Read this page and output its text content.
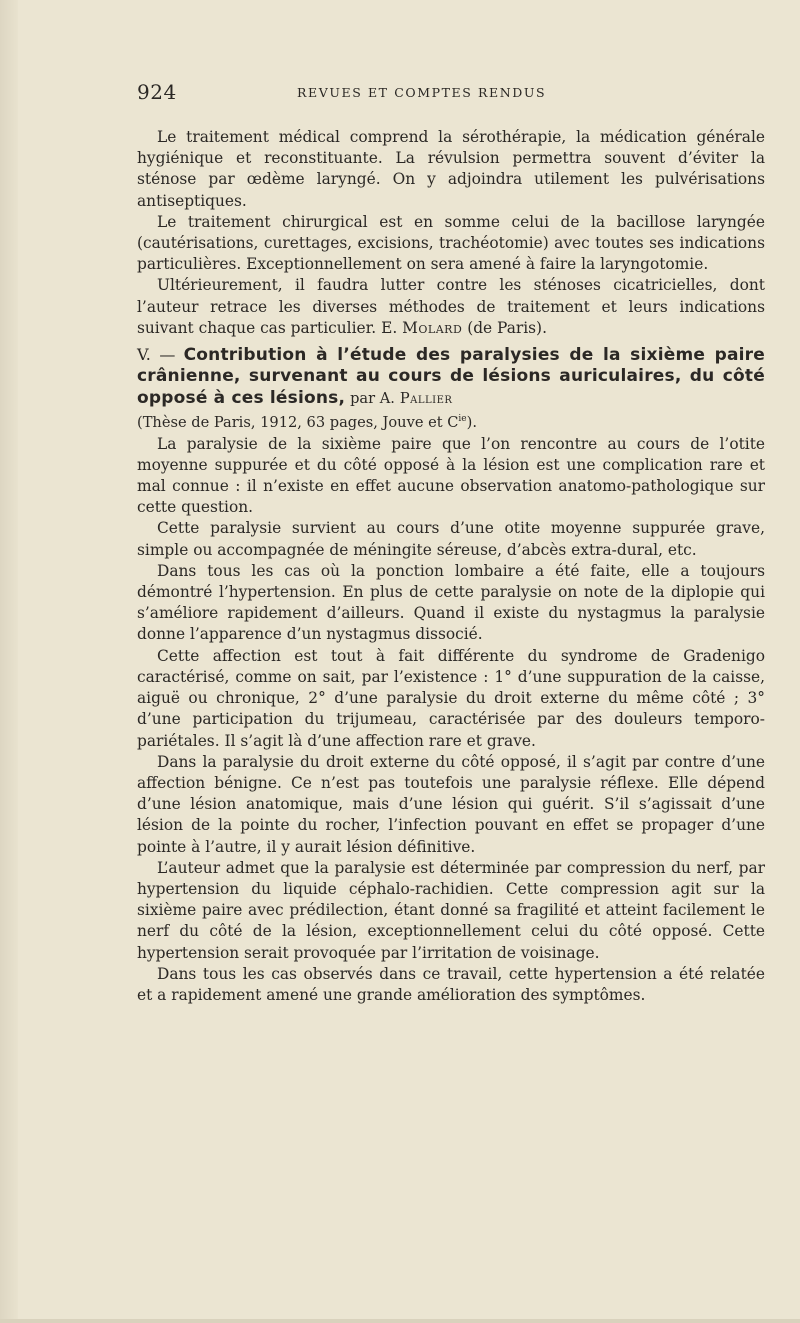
924	REVUES ET COMPTES RENDUS

Le traitement médical comprend la sérothérapie, la médication générale hygiénique et reconstituante. La révulsion permettra souvent d’éviter la sténose par œdème laryngé. On y adjoindra utilement les pulvérisations antiseptiques.

Le traitement chirurgical est en somme celui de la bacillose laryngée (cautérisations, curettages, excisions, trachéotomie) avec toutes ses indications particulières. Exceptionnellement on sera amené à faire la laryngotomie.

Ultérieurement, il faudra lutter contre les sténoses cicatricielles, dont l’auteur retrace les diverses méthodes de traitement et leurs indications suivant chaque cas particulier. E. Molard (de Paris).

V. — Contribution à l’étude des paralysies de la sixième paire crânienne, survenant au cours de lésions auriculaires, du côté opposé à ces lésions, par A. Pallier
(Thèse de Paris, 1912, 63 pages, Jouve et $C^{ie}$).

La paralysie de la sixième paire que l’on rencontre au cours de l’otite moyenne suppurée et du côté opposé à la lésion est une complication rare et mal connue : il n’existe en effet aucune observation anatomo-pathologique sur cette question.

Cette paralysie survient au cours d’une otite moyenne suppurée grave, simple ou accompagnée de méningite séreuse, d’abcès extra-dural, etc.

Dans tous les cas où la ponction lombaire a été faite, elle a toujours démontré l’hypertension. En plus de cette paralysie on note de la diplopie qui s’améliore rapidement d’ailleurs. Quand il existe du nystagmus la paralysie donne l’apparence d’un nystagmus dissocié.

Cette affection est tout à fait différente du syndrome de Gradenigo caractérisé, comme on sait, par l’existence : 1° d’une suppuration de la caisse, aiguë ou chronique, 2° d’une paralysie du droit externe du même côté ; 3° d’une participation du trijumeau, caractérisée par des douleurs temporo-pariétales. Il s’agit là d’une affection rare et grave.

Dans la paralysie du droit externe du côté opposé, il s’agit par contre d’une affection bénigne. Ce n’est pas toutefois une paralysie réflexe. Elle dépend d’une lésion anatomique, mais d’une lésion qui guérit. S’il s’agissait d’une lésion de la pointe du rocher, l’infection pouvant en effet se propager d’une pointe à l’autre, il y aurait lésion définitive.

L’auteur admet que la paralysie est déterminée par compression du nerf, par hypertension du liquide céphalo-rachidien. Cette compression agit sur la sixième paire avec prédilection, étant donné sa fragilité et atteint facilement le nerf du côté de la lésion, exceptionnellement celui du côté opposé. Cette hypertension serait provoquée par l’irritation de voisinage.

Dans tous les cas observés dans ce travail, cette hypertension a été relatée et a rapidement amené une grande amélioration des symptômes.
